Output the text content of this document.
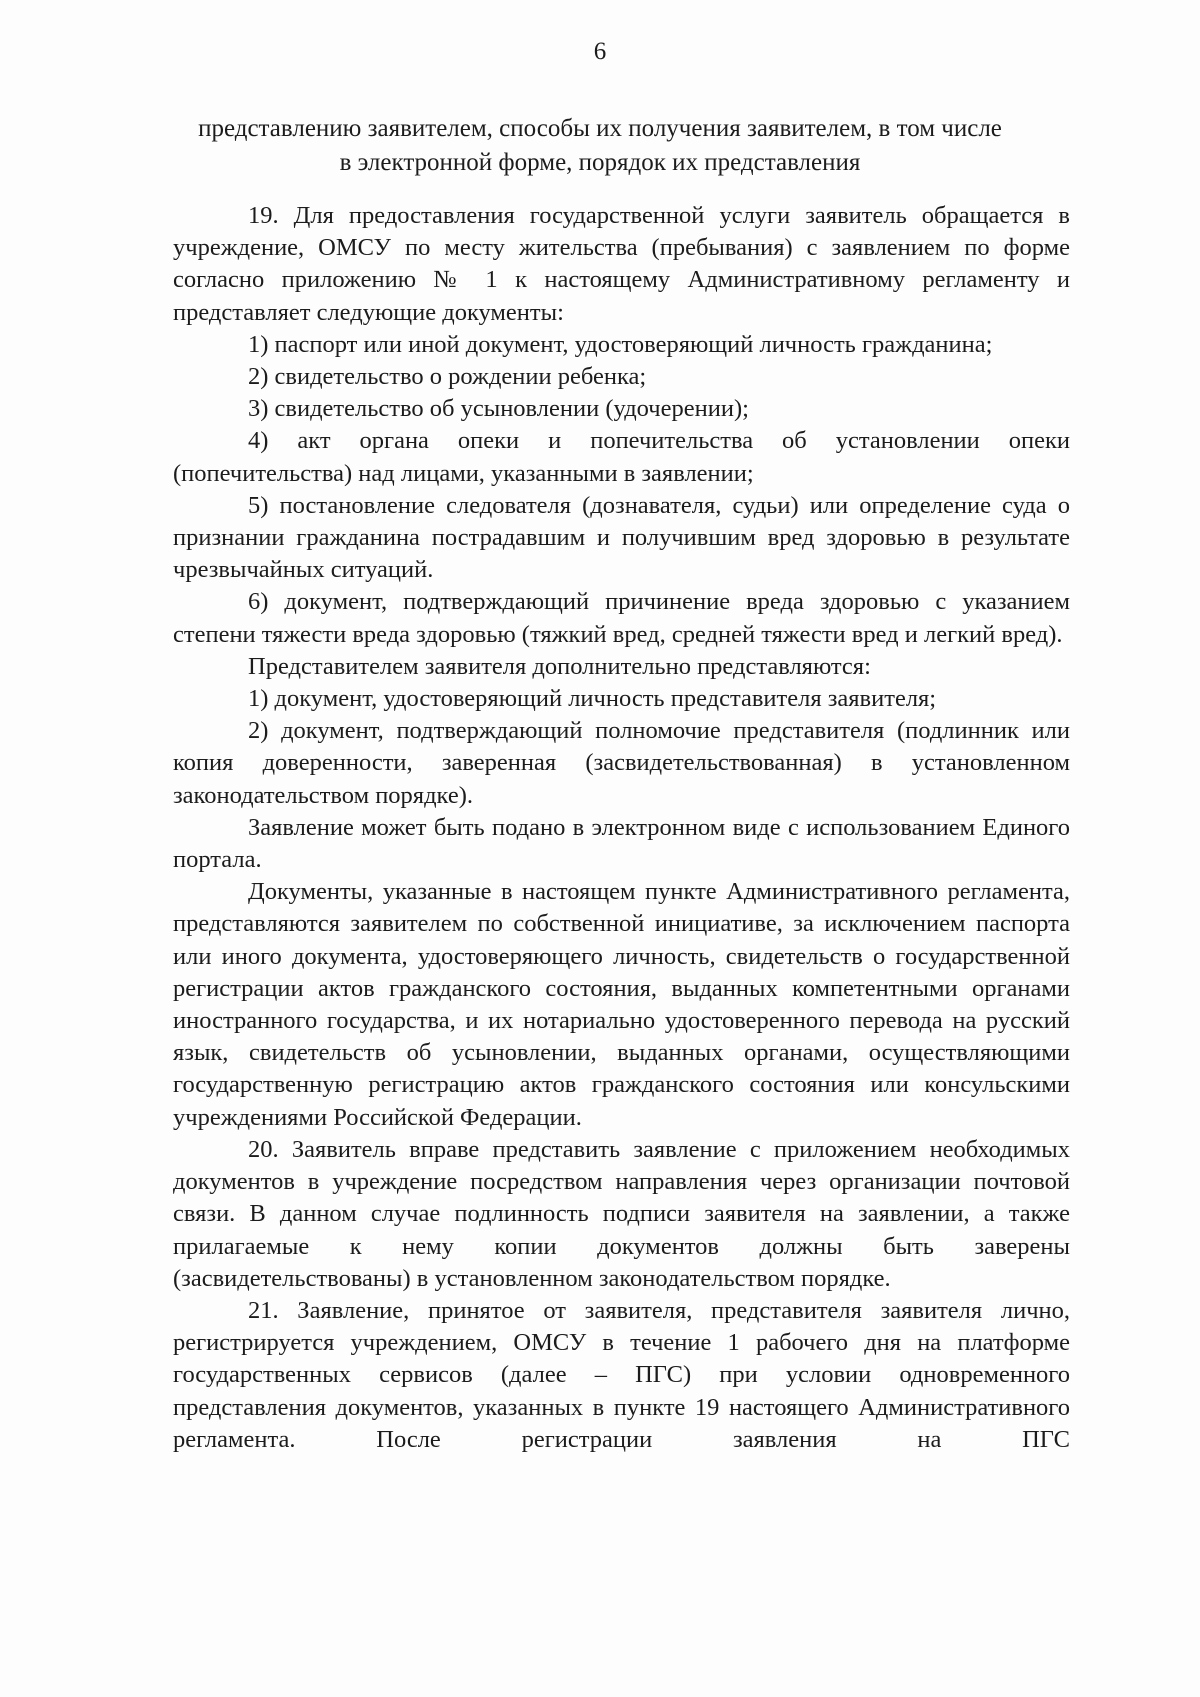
6
представлению заявителем, способы их получения заявителем, в том числе
в электронной форме, порядок их представления

19. Для предоставления государственной услуги заявитель обращается в учреждение, ОМСУ по месту жительства (пребывания) с заявлением по форме согласно приложению № 1 к настоящему Административному регламенту и представляет следующие документы:

1) паспорт или иной документ, удостоверяющий личность гражданина;

2) свидетельство о рождении ребенка;

3) свидетельство об усыновлении (удочерении);

4) акт органа опеки и попечительства об установлении опеки (попечительства) над лицами, указанными в заявлении;

5) постановление следователя (дознавателя, судьи) или определение суда о признании гражданина пострадавшим и получившим вред здоровью в результате чрезвычайных ситуаций.

6) документ, подтверждающий причинение вреда здоровью с указанием степени тяжести вреда здоровью (тяжкий вред, средней тяжести вред и легкий вред).

Представителем заявителя дополнительно представляются:

1) документ, удостоверяющий личность представителя заявителя;

2) документ, подтверждающий полномочие представителя (подлинник или копия доверенности, заверенная (засвидетельствованная) в установленном законодательством порядке).

Заявление может быть подано в электронном виде с использованием Единого портала.

Документы, указанные в настоящем пункте Административного регламента, представляются заявителем по собственной инициативе, за исключением паспорта или иного документа, удостоверяющего личность, свидетельств о государственной регистрации актов гражданского состояния, выданных компетентными органами иностранного государства, и их нотариально удостоверенного перевода на русский язык, свидетельств об усыновлении, выданных органами, осуществляющими государственную регистрацию актов гражданского состояния или консульскими учреждениями Российской Федерации.

20. Заявитель вправе представить заявление с приложением необходимых документов в учреждение посредством направления через организации почтовой связи. В данном случае подлинность подписи заявителя на заявлении, а также прилагаемые к нему копии документов должны быть заверены (засвидетельствованы) в установленном законодательством порядке.

21. Заявление, принятое от заявителя, представителя заявителя лично, регистрируется учреждением, ОМСУ в течение 1 рабочего дня на платформе государственных сервисов (далее – ПГС) при условии одновременного представления документов, указанных в пункте 19 настоящего Административного регламента. После регистрации заявления на ПГС
